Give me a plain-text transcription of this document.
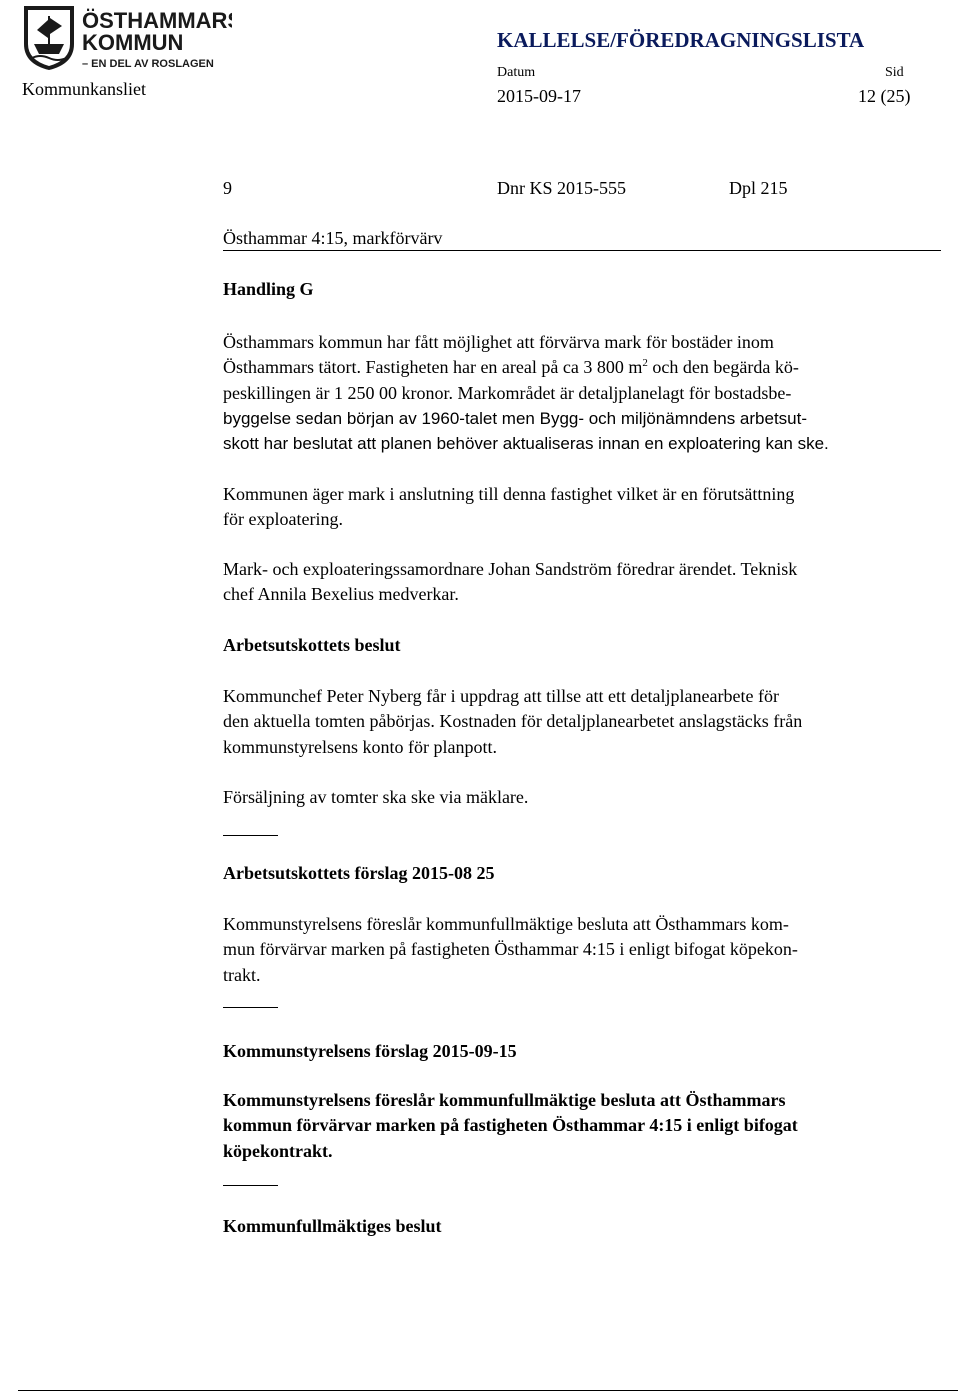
ÖSTHAMMARS
KOMMUN
– EN DEL AV ROSLAGEN
KALLELSE/FÖREDRAGNINGSLISTA
Datum	Sid
Kommunkansliet	2015-09-17	12 (25)
9	Dnr KS 2015-555	Dpl 215
Östhammar 4:15, markförvärv
Handling G
Östhammars kommun har fått möjlighet att förvärva mark för bostäder inom
Östhammars tätort. Fastigheten har en areal på ca 3 800 $m^2$ och den begärda kö-
peskillingen är 1 250 00 kronor. Markområdet är detaljplanelagt för bostadsbe-
byggelse sedan början av 1960-talet men Bygg- och miljönämndens arbetsut-
skott har beslutat att planen behöver aktualiseras innan en exploatering kan ske.
Kommunen äger mark i anslutning till denna fastighet vilket är en förutsättning
för exploatering.
Mark- och exploateringssamordnare Johan Sandström föredrar ärendet. Teknisk
chef Annila Bexelius medverkar.
Arbetsutskottets beslut
Kommunchef Peter Nyberg får i uppdrag att tillse att ett detaljplanearbete för
den aktuella tomten påbörjas. Kostnaden för detaljplanearbetet anslagstäcks från
kommunstyrelsens konto för planpott.
Försäljning av tomter ska ske via mäklare.
Arbetsutskottets förslag 2015-08 25
Kommunstyrelsens föreslår kommunfullmäktige besluta att Östhammars kom-
mun förvärvar marken på fastigheten Östhammar 4:15 i enligt bifogat köpekon-
trakt.
Kommunstyrelsens förslag 2015-09-15
Kommunstyrelsens föreslår kommunfullmäktige besluta att Östhammars
kommun förvärvar marken på fastigheten Östhammar 4:15 i enligt bifogat
köpekontrakt.
Kommunfullmäktiges beslut
